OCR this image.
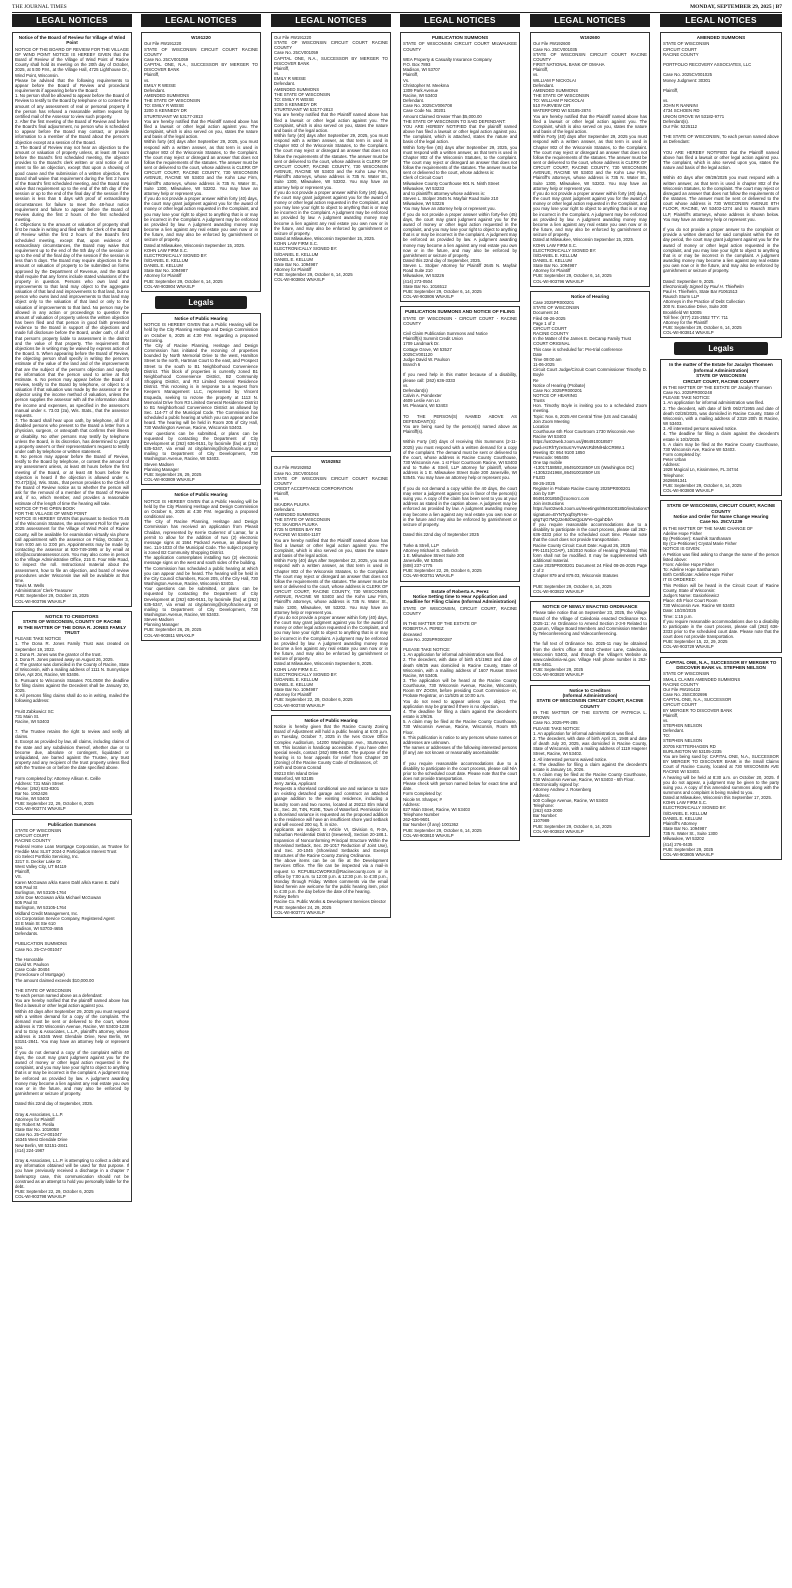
THE JOURNAL TIMES	MONDAY, SEPTEMBER 29, 2025 | B7
LEGAL NOTICES	LEGAL NOTICES	LEGAL NOTICES	LEGAL NOTICES	LEGAL NOTICES	LEGAL NOTICES
Notice of the Board of Review for Village of Wind Point
NOTICE OF THE BOARD OF REVIEW FOR THE VILLAGE OF WIND POINT NOTICE IS HEREBY GIVEN that the Board of Review of the Village of Wind Point of Racine County shall hold its meeting on the 20th day of October, 2025, at 5:00 P.M., at the Village Hall, 4725 Lighthouse Dr., Wind Point, Wisconsin.
Please be advised that the following requirements to appear before the Board of Review and procedural requirements if appearing before the Board:
1. No person shall be allowed to appear before the Board of Review to testify to the Board by telephone or to contest the amount of any assessment of real or personal property if the person has refused a reasonable written request by certified mail of the Assessor to view such property.
2. After the first meeting of the Board of Review and before the Board's final adjournment, no person who is scheduled to appear before the Board may contact, or provide information to a member of the Board about the person's objection except at a session of the Board.
3. The Board of Review may not hear an objection to the amount or valuation of property unless, at least 48 hours before the Board's first scheduled meeting, the objector provides to the Board's clerk written or oral notice of an intent to file an objection, except that upon a showing of good cause and the submission of a written objection, the Board shall waive that requirement during the first 2 hours of the Board's first scheduled meeting, and the Board may waive that requirement up to the end of the 5th day of the session or up to the end of the final day of the session if the session is less than 5 days with proof of extraordinary circumstances for failure to meet the 48-hour notice requirement and failure to appear before the Board of Review during the first 2 hours of the first scheduled meeting.
4. Objections to the amount or valuation of property shall first be made in writing and filed with the Clerk of the Board of Review within the first 2 hours of the Board's first scheduled meeting, except that, upon evidence of extraordinary circumstances, the Board may waive that requirement up to the end of the 5th day of the session or up to the end of the final day of the session if the session is less than 5 days. The Board may require objections to the amount or valuation of property to be submitted on forms approved by the Department of Revenue, and the Board shall require that any forms include stated valuations of the property in question. Persons who own land and improvements to that land may object to the aggregate valuation of that land and improvements to that land, but no person who owns land and improvements to that land may object only to the valuation of that land or only to the valuation of improvements to that land. No person may be allowed in any action or proceedings to question the amount of valuation of property unless the written objection has been filed and that person in good faith presented evidence to the Board in support of the objections and made full disclosure before the Board, under oath, of all of that person's property liable to assessment in the district and the value of that property. The requirement that objections be in writing may be waived by express action of the Board. 5. When appearing before the Board of Review, the objecting person shall specify in writing the person's estimate of the value of the land and of the improvements that are the subject of the person's objection and specify the information that the person used to arrive at that estimate. 6. No person may appear before the Board of Review, testify to the Board by telephone, or object to a valuation if that valuation was made by the assessor or the objector using the income method of valuation, unless the person supplies the assessor with all the information about the income and expenses, as specified in the assessor's manual under s. 73.03 (2a), Wis. Stats., that the assessor requests.
7. The Board shall hear upon oath, by telephone, all ill or disabled persons who present to the Board a letter from a physician, surgeon, or osteopath that confirms their illness or disability. No other persons may testify by telephone unless the Board, in its discretion, has determined to grant a property owner's or their representative's request to testify under oath by telephone or written statement.
8. No person may appear before the Board of Review, testify to the Board by telephone, or contest the amount of any assessment unless, at least 48 hours before the first meeting of the Board, or at least 48 hours before the objection is heard if the objection is allowed under s. 70.47(3)(a), Wis. Stats., that person provides to the Clerk of the Board of Review notice as to whether the person will ask for the removal of a member of the Board of Review and, if so, which member, and provides a reasonable estimate of the length of time the hearing will take.
NOTICE OF THE OPEN BOOK
FOR THE VILLAGE OF WIND POINT
NOTICE IS HEREBY GIVEN that pursuant to Section 70.45 of the Wisconsin Statutes, the assessment Roll for the year 2025 assessment for the Village of Wind Point of Racine County, will be available for examination virtually via phone call appointment with the assessor on Friday, October 3, from 9:00 am to 3:00 pm. Appointments may be made by contacting the assessor at 920-749-1995 or by email at info@accurateassessor.com. You may also come in person to the Village Administrative Office, 215 E. Four Mile Road, to inspect the roll. Instructional material about the assessment, how to file an objection, and board of review procedures under Wisconsin law will be available at that time.
Travis M. Wells
Administrator/ Clerk-Treasurer
PUB: September 29, October 15, 2025
COL-WI-903796 WNAXLP
NOTICE TO CREDITORS
STATE OF WISCONSIN, COUNTY OF RACINE
IN THE MATTER OF THE DONA R. JONES FAMILY TRUST
PLEASE TAKE NOTICE
1. The Dona R. Jones Family Trust was created on September 19, 2022.
2. Dona R. Jones was the grantor of the trust.
3. Dona R. Jones passed away on August 26, 2025.
4. The grantor was domiciled in the County of Racine, State of Wisconsin, with a mailing address of 1111 N. Sunnyslope Drive, Apt 204, Racine, WI 53406.
5. Pursuant to Wisconsin Statutes 701.0508 the deadline for filing claims against the Decedent shall be January 30, 2025.
6. All persons filing claims shall do so in writing, mailed the following address:

Pruitt Zabkowicz SC
731 Main St.
Racine, WI 53403

7. The Trustee retains the right to review and verify all claims.
8. Except as provided by law, all claims, including claims of the state and any subdivision thereof, whether due or to become due, absolute or contingent, liquidated or unliquidated, are barred against the Trustee, any trust property and any recipient of the trust property unless filed with the Trustee on or before the date specified above.

Form completed by: Attorney Allison K. Ceille
Address: 731 Main Street
Phone: (262) 633-8301
Bar No. 1062426
Racine, WI 53403
PUB: September 22, 29, October 6, 2025
COL-WI-903774 WNAXLP
Publication Summons
STATE OF WISCONSIN
CIRCUIT COURT
RACINE COUNTY
Federal Home Loan Mortgage Corporation, as Trustee for Freddie Mac SLST 2024-2 Participation Interest Trust
c/o Select Portfolio Servicing, Inc.
3217 S. Decker Lake Dr.
West Valley City, UT 84119
Plaintiff,
VS.
Karen McGowan a/k/a Karen Dahl a/k/a Karen E. Dahl
505 Paul St
Burlington, WI 53105-1764
John Doe McGowan a/k/a Michael McGowan
505 Paul St
Burlington, WI 53105-1764
Midland Credit Management, Inc.
c/o Corporation Service Company, Registered Agent
33 E Main St Ste 610
Madison, WI 53703-4655
Defendants.

PUBLICATION SUMMONS
Case No. 25-CV-001047

The Honorable
David W. Paulson
Case Code 30404
(Foreclosure of Mortgage)
The amount claimed exceeds $10,000.00

THE STATE OF WISCONSIN
To each person named above as a defendant:
You are hereby notified that the plaintiff named above has filed a lawsuit or other legal action against you.
Within 40 days after September 29, 2025 you must respond with a written demand for a copy of the complaint. The demand must be sent or delivered to the court, whose address is 730 Wisconsin Avenue, Racine, WI 53403-1238 and to Gray & Associates, L.L.P., plaintiff's attorney, whose address is 16345 West Glendale Drive, New Berlin, WI 53151-2841. You may have an attorney help or represent you.
If you do not demand a copy of the complaint within 40 days, the court may grant judgment against you for the award of money or other legal action requested in the complaint, and you may lose your right to object to anything that is or may be incorrect in the complaint. A judgment may be enforced as provided by law. A judgment awarding money may become a lien against any real estate you own now or in the future, and may also be enforced by garnishment or seizure of property.

Dated this 22nd day of September, 2025.

Gray & Associates, L.L.P.
Attorneys for Plaintiff
By: Robert M. Pietila
State Bar No. 1018058
Case No. 25-CV-001047
16345 West Glendale Drive
New Berlin, WI 53151-2841
(414) 224-1987

Gray & Associates, L.L.P. is attempting to collect a debt and any information obtained will be used for that purpose. If you have previously received a discharge in a chapter 7 bankruptcy case, this communication should not be construed as an attempt to hold you personally liable for the debt.
PUB: September 22, 29, October 6, 2025
COL-WI-903798 WNAXLP
W191220
Our File #W191220
STATE OF WISCONSIN CIRCUIT COURT RACINE COUNTY
Case No. 25CV001059
CAPITAL ONE, N.A., SUCCESSOR BY MERGER TO DISCOVER BANK
Plaintiff,
vs.
EMILY R WEISE
Defendant.
AMENDED SUMMONS
THE STATE OF WISCONSIN
TO: EMILY R WEISE
3200 S KENNEDY DR
STURTEVANT WI 53177-2813
You are hereby notified that the Plaintiff named above has filed a lawsuit or other legal action against you. The Complaint, which is also served on you, states the nature and basis of the legal action.
Within forty (40) days after September 29, 2025, you must respond with a written answer, as that term is used in Chapter 802 of the Wisconsin Statutes, to the Complaint. The court may reject or disregard an answer that does not follow the requirements of the statutes. The answer must be sent or delivered to the court, whose address is CLERK OF CIRCUIT COURT, RACINE COUNTY, 730 WISCONSIN AVENUE, RACINE WI 53403 and the Kohn Law Firm, Plaintiff's attorneys, whose address is 735 N. Water St., Suite 1300, Milwaukee, WI 53202. You may have an attorney help or represent you.
If you do not provide a proper answer within forty (40) days, the court may grant judgment against you for the award of money or other legal action requested in the Complaint, and you may lose your right to object to anything that is or may be incorrect in the Complaint. A judgment may be enforced as provided by law. A judgment awarding money may become a lien against any real estate you own now or in the future, and may also be enforced by garnishment or seizure of property.
Dated at Milwaukee, Wisconsin September 15, 2025.
KOHN LAW FIRM S.C.
ELECTRONICALLY SIGNED BY:
/S/DANIEL E. KELLUM
DANIEL E. KELLUM
State Bar No. 1094987
Attorney for Plaintiff
PUB: September 29, October 6, 14, 2025
COL-WI-903804 WNAXLP
Legals
Notice of Public Hearing
NOTICE IS HEREBY GIVEN that a Public Hearing will be held by the City Planning Heritage and Design Commission on October 6, 2025 at 4:30 P.M. regarding a proposed Rezoning.
The City of Racine Planning, Heritage and Design Commission has initiated the rezoning of properties bounded by North Memorial Drive to the west, Hamilton Street to the north, Hartman Court to the east, and Prospect Street to the south to B1 Neighborhood Convenience District. This block of properties is currently zoned B1 Neighborhood Convenience District, B2 Community Shopping District, and R3 Limited General Residence District. This rezoning is in response to a request from Keepers Management LLC, represented by Vincent Esqueda, seeking to rezone the property at 1113 N. Memorial Drive from R3 Limited General Residence District to B1 Neighborhood Convenience District as allowed by Sec. 114-77 of the Municipal Code. The Commission has scheduled a public hearing at which you can appear and be heard. The hearing will be held in Room 205 of City Hall, 730 Washington Avenue, Racine, Wisconsin 53403.
Your questions can be submitted, or plans can be requested by contacting the Department of City Development at (262) 636-9151, by facsimile (fax) at (262) 635-5347, via email at cityplanning@cityofracine.org or mailing to Department of City Development, 730 Washington Avenue, Racine, WI 53403.
Steven Madsen
Planning Manager
PUB: September 26, 29, 2025
COL-WI-903809 WNAXLP
Notice of Public Hearing
NOTICE IS HEREBY GIVEN that a Public Hearing will be held by the City Planning Heritage and Design Commission on October 6, 2025 at 4:30 P.M. regarding a proposed conditional use.
The City of Racine Planning, Heritage and Design Commission has received an application from Pleasit Chaidan, represented by Kerrie Gutierrez of Lamar, for a permit to allow for the addition of two (2) electronic message signs at 1564 Packard Avenue, as allowed by Sec. 114-1033 of the Municipal Code. The subject property is zoned B2 Community Shopping District.
The application contemplates installing two (2) electronic message signs on the west and south sides of the building.
The Commission has scheduled a public hearing at which you can appear and be heard. The hearing will be held in the City Council Chambers, Room 205, of the City Hall, 730 Washington Avenue, Racine, Wisconsin 53403.
Your questions can be submitted, or plans can be requested by contacting the Department of City Development at (262) 636-9151, by facsimile (fax) at (262) 635-5347, via email at cityplanning@cityofracine.org or mailing to Department of City Development, 730 Washington Avenue, Racine, WI 53403.
Steven Madsen
Planning Manager
PUB: September 26, 29, 2025
COL-WI-903811 WNAXLP
Our File #W191220
STATE OF WISCONSIN CIRCUIT COURT RACINE COUNTY
Case No. 25CV001059
CAPITAL ONE, N.A., SUCCESSOR BY MERGER TO DISCOVER BANK
Plaintiff,
vs.
EMILY R WEISE
Defendant.
AMENDED SUMMONS
THE STATE OF WISCONSIN
TO: EMILY R WEISE
3200 S KENNEDY DR
STURTEVANT WI 53177-2813
You are hereby notified that the Plaintiff named above has filed a lawsuit or other legal action against you. The Complaint, which is also served on you, states the nature and basis of the legal action.
Within forty (40) days after September 29, 2025, you must respond with a written answer, as that term is used in Chapter 802 of the Wisconsin Statutes, to the Complaint. The court may reject or disregard an answer that does not follow the requirements of the statutes. The answer must be sent or delivered to the court, whose address is CLERK OF CIRCUIT COURT, RACINE COUNTY, 730 WISCONSIN AVENUE, RACINE WI 53403 and the Kohn Law Firm, Plaintiff's attorneys, whose address is 735 N. Water St., Suite 1300, Milwaukee, WI 53202. You may have an attorney help or represent you.
If you do not provide a proper answer within forty (40) days, the court may grant judgment against you for the award of money or other legal action requested in the Complaint, and you may lose your right to object to anything that is or may be incorrect in the Complaint. A judgment may be enforced as provided by law. A judgment awarding money may become a lien against any real estate you own now or in the future, and may also be enforced by garnishment or seizure of property.
Dated at Milwaukee, Wisconsin September 15, 2025.
KOHN LAW FIRM S.C.
ELECTRONICALLY SIGNED BY:
/S/DANIEL E. KELLUM
DANIEL E. KELLUM
State Bar No. 1094987
Attorney for Plaintiff
PUB: September 29, October 6, 14, 2025
COL-WI-903804 WNAXLP
W192852
Our File #W192852
Case No. 25CV001044
STATE OF WISCONSIN CIRCUIT COURT RACINE COUNTY
CREDIT ACCEPTANCE CORPORATION
Plaintiff,
vs.
SKAIDRA PLIURA
Defendant.
AMENDED SUMMONS
THE STATE OF WISCONSIN
TO: SKAIDRA PLIURA
4725 N GREEN BAY RD
RACINE WI 53404-1107
You are hereby notified that the Plaintiff named above has filed a lawsuit or other legal action against you. The Complaint, which is also served on you, states the nature and basis of the legal action.
Within Forty (40) days after September 22, 2025, you must respond with a written answer, as that term is used in Chapter 802 of the Wisconsin Statutes, to the Complaint. The court may reject or disregard an answer that does not follow the requirements of the statutes. The answer must be sent or delivered to the court, whose address is CLERK OF CIRCUIT COURT, RACINE COUNTY, 730 WISCONSIN AVENUE, RACINE WI 53403 and the Kohn Law Firm, Plaintiff's attorneys, whose address is 735 N. Water St., Suite 1300, Milwaukee, WI 53202. You may have an attorney help or represent you.
If you do not provide a proper answer within forty (40) days, the court may grant judgment against you for the award of money or other legal action requested in the Complaint, and you may lose your right to object to anything that is or may be incorrect in the Complaint. A judgment may be enforced as provided by law. A judgment awarding money may become a lien against any real estate you own now or in the future, and may also be enforced by garnishment or seizure of property.
Dated at Milwaukee, Wisconsin September 5, 2025.
KOHN LAW FIRM S.C.
ELECTRONICALLY SIGNED BY:
/S/DANIEL E. KELLUM
DANIEL E. KELLUM
State Bar No. 1094987
Attorney for Plaintiff
PUB: September 22, 29, October 6, 2025
COL-WI-903740 WNAXLP
Notice of Public Hearing
Notice is hereby given that the Racine County Zoning Board of Adjustment will hold a public hearing at 6:00 p.m. on Tuesday, October 7, 2025 in the Ives Grove Office Complex Auditorium, 14200 Washington Ave., Sturtevant, WI. This location is handicap accessible. If you have other special needs, contact (262) 886-8440. The purpose of the hearing is to hear appeals for relief from Chapter 20 (Zoning) of the Racine County Code of Ordinances, of:
Keith and Donna Conrad
29213 Elm Island Drive
Waterford, WI 53185
Jerry Janka, Applicant
Requests a shoreland conditional use and variance to raze an existing detached garage and construct an attached garage addition to the existing residence, including a laundry room and two rooms, located at 29213 Elm Island Dr., Sec. 28, T4N, R19E, Town of Waterford. Permission for a shoreland variance is requested as the proposed addition to the residence will have an insufficient shore yard setback and will exceed 200 sq. ft. in size.
Applicants are subject to Article VI, Division 6, R-3A, Suburban Residential District (Sewered), Section 20-188.1. Expansion of Nonconforming Principal Structure Within the Shoreland Setback, Sec. 20-1017 Reduction of Joint Use), and Sec. 20-1045 (Shoreland Setbacks and Exempt Structures of the Racine County Zoning Ordinance.
The above items can be on file at the Development Services Office. The file can be inspected via a mail-in request to RCPUBLICWORKS@Racinecounty.com or in Office by 7:00 a.m. to 12:00 p.m. & 12:30 p.m. to 4:30 p.m., Monday through Friday. Written comments via the email listed herein are welcome for the public hearing item, prior to 4:30 p.m. the day before the date of the hearing.
Robey Behm
Racine Co. Public Works & Development Services Director
PUB: September 24, 29, 2025
COL-WI-903771 WNAXLP
PUBLICATION SUMMONS
STATE OF WISCONSIN CIRCUIT COURT MILWAUKEE COUNTY

WEA Property & Casualty Insurance Company
P.O. Box 7893
Madison, WI 53707
Plaintiff,
Vs.
Christopher M. Meekma
1309 Park Avenue
Racine, WI 53403
Defendant.
Case No. 2025CV006708
Case Code No. 30201
Amount Claimed Greater Than $5,000.00
THE STATE OF WISCONSIN TO SAID DEFENDANT:
YOU ARE HEREBY NOTIFIED that the plaintiff named above has filed a lawsuit or other legal action against you. The complaint, which is attached, states the nature and basis of the legal action.
Within forty-five (45) days after September 29, 2025, you must respond with a written answer, as that term is used in Chapter 802 of the Wisconsin Statutes, to the complaint. The court may reject or disregard an answer that does not follow the requirements of the statutes. The answer must be sent or delivered to the court, whose address is:
Clerk of Circuit Court
Milwaukee County Courthouse 901 N. Ninth Street
Milwaukee, WI 53233
and to plaintiff's attorney whose address is:
Steven L. Stolper 2645 N. Mayfair Road Suite 210
Milwaukee, WI 53226
You may have an attorney help or represent you.
If you do not provide a proper answer within forty-five (45) days, the court may grant judgment against you for the award of money or other legal action requested in the complaint, and you may lose your right to object to anything that is or may be incorrect in the complaint. A judgment may be enforced as provided by law. A judgment awarding money may become a lien against any real estate you own now or in the future, and may also be enforced by garnishment or seizure of property.
Dated this 22nd day of September, 2025.
Steven L. Stolper Attorney for Plaintiff 2645 N. Mayfair Road Suite 210
Milwaukee, WI 53226
(414) 273-0504
State Bar No. 1016512
PUB: September 29, October 6, 14, 2025
COL-WI-903806 WNAXLP
PUBLICATION SUMMONS AND NOTICE OF FILING
STATE OF WISCONSIN - CIRCUIT COURT - RACINE COUNTY

Civil Claim Publication Summons and Notice
Plaintiff(s) Summit Credit Union
1709 Landmark Dr.
Cottage Grove, WI 53527
2025CV001120
Judge David W. Paulson
Branch 6

If you need help in this matter because of a disability, please call: (262) 636-3333
vs.
Defendant(s)
Calvin A. Poindexter
4609 Leslie Ann Ln
Mt. Pleasant, WI 53403

TO THE PERSON(S) NAMED ABOVE AS DEFENDANT(S):
You are being sued by the person(s) named above as Plaintiff(s).

Within Forty (40) days of receiving this Summons (2-11-2025) you must respond with a written demand for a copy of the complaint. The demand must be sent or delivered to the court, whose address is Racine County Courthouse, 730 Wisconsin Ave. 1 st Floor Courtroom Racine, WI 53403 and to Turke & Strell, LLP attorney for plaintiff, whose address is 1 E. Milwaukee Street Suite 200 Janesville, WI 53545. You may have an attorney help or represent you.

If you do not demand a copy within the 40 days, the court may enter a judgment against you in favor of the person(s) suing you. A copy of the claim has been sent to you at your address as stated in the caption above. A judgment may be enforced as provided by law. A judgment awarding money may become a lien against any real estate you own now or in the future and may also be enforced by garnishment or seizure of property.

Dated this 22nd day of September 2025

Turke & Strell, LLP
Attorney Michael S. Gellerich
1 E. Milwaukee Street Suite 200
Janesville, WI 53545
(608) 237-1775
PUB: September 22, 29, October 6, 2025
COL-WI-903751 WNAXLP
Estate of Roberta A. Perez
Notice Setting time to Hear Application and Deadline for Filing Claims (Informal Administration)
STATE OF WISCONSIN, CIRCUIT COURT, RACINE COUNTY

IN THE MATTER OF THE ESTATE OF
ROBERTA A. PEREZ
deceased
Case No. 2025PR000287

PLEASE TAKE NOTICE:
1. An application for informal administration was filed.
2. The decedent, with date of birth 4/1/1963 and date of death 6/8/25 was domiciled in Racine County, State of Wisconsin, with a mailing address of 1607 Russet Street Racine, WI 53405.
3. The application will be heard at the Racine County Courthouse, 730 Wisconsin Avenue, Racine, Wisconsin, Room BY ZOOM, before presiding Court Commission- er, Probate Registrar, on 11/5/25 at 10:00 a.m.
You do not need to appear unless you object. The application may be granted if there is no objection.
4. The deadline for filing a claim against the decedent's estate is 2/9/26.
5. A claim may be filed at the Racine County Courthouse, 730 Wisconsin Avenue, Racine, Wisconsin, Room 6th Floor.
6. This publication is notice to any persons whose names or addresses are unknown.
The names or addresses of the following interested persons (if any) are not known or reasonably ascertainable:

If you require reasonable accommodations due to a disability to participate in the court process, please call N/A prior to the scheduled court date. Please note that the court does not provide transportation.
Please check with person named below for exact time and date.
Form Completed by:
Nicole M. Sharper, #
Address:
827 Main Street, Racine, WI 53403
Telephone Number
262-636-9601
Bar Number (if any) 1001362
PUB: September 29, October 6, 14, 2025
COL-WI-903810 WNAXLP
W192600
Our File #W192600
Case No. 25CV001035
STATE OF WISCONSIN CIRCUIT COURT RACINE COUNTY
FIRST NATIONAL BANK OF OMAHA
Plaintiff,
vs.
WILLIAM P NICKOLAI
Defendant.
AMENDED SUMMONS
THE STATE OF WISCONSIN
TO: WILLIAM P NICKOLAI
510 FAIRVIEW CIR
WATERFORD WI 53185-2874
You are hereby notified that the Plaintiff named above has filed a lawsuit or other legal action against you. The Complaint, which is also served on you, states the nature and basis of the legal action.
Within Forty (40) days after September 29, 2025 you must respond with a written answer, as that term is used in Chapter 802 of the Wisconsin Statutes, to the Complaint. The court may reject or disregard an answer that does not follow the requirements of the statutes. The answer must be sent or delivered to the court, whose address is CLERK OF CIRCUIT COURT, RACINE COUNTY, 730 WISCONSIN AVENUE, RACINE WI 53403 and the Kohn Law Firm, Plaintiff's attorneys, whose address is 735 N. Water St., Suite 1300, Milwaukee, WI 53202. You may have an attorney help or represent you.
If you do not provide a proper answer within forty (40) days, the court may grant judgment against you for the award of money or other legal action requested in the Complaint, and you may lose your right to object to anything that is or may be incorrect in the Complaint. A judgment may be enforced as provided by law. A judgment awarding money may become a lien against any real estate you own now or in the future, and may also be enforced by garnishment or seizure of property.
Dated at Milwaukee, Wisconsin September 15, 2025.
KOHN LAW FIRM S.C.
ELECTRONICALLY SIGNED BY:
/S/DANIEL E. KELLUM
DANIEL E. KELLUM
State Bar No. 1094987
Attorney for Plaintiff
PUB: September 29, October 6, 14, 2025
COL-WI-903796 WNAXLP
Notice of Hearing
Case 2025PR000201
STATE OF WISCONSIN
Document 24
Filed 08-26-2025
Page 1 of 2
CIRCUIT COURT
RACINE COUNTY
In the Matter of the James E. DeCamp Family Trust
COURT ORIGINAL
This case is scheduled for: Pre-trial conference
Date
Time 09:00 am
11-06-2025
Circuit Court Judge/Circuit Court Commissioner Timothy D. Boyle
Re
Notice of Hearing (Probate)
Case No: 2025PR000201
NOTICE OF HEARING
Trusts
Hon. Timothy Boyle is inviting you to a scheduled Zoom meeting.
Topic: Nov. 6, 2025 AM Central Time (US and Canada)
Join Zoom Meeting
Location
Courthouse 6th Floor Courtroom 1730 Wisconsin Ave
Racine WI 53403
https://us02web.zoom.us/j/86491001850?pwd=HzRhTyzeSuIcYvYwWcRd9NlHdcCR9W.1
Meeting ID: 864 9100 1850
Passcode: 965406
One tap mobile
+13017158592,,86491001850# US (Washington DC)
+13052241968,,86491001850# US
FILED
08-26-2025
Register in Probate Racine County 2025PR000201
Join by SIP
86491001850@zoomcrc.com
Join instructions
https://us02web.zoom.us/meetings/86491001850/invitations?signature=BYNTyxqfSyRrHv-q6gTqG7MQJ2e8dOwQpLWYe-GgahDbA
If you require reasonable accommodations due to a disability to participate in the court process, please call 262-636-3333 prior to the scheduled court time. Please note that the court does not provide transportation.
Racine County Circuit Court Date: August 26, 2025
PR-1101(COAP), 10/2010 Notice of Hearing (Probate) This form shall not be modified. It may be supplemented with additional material.
Case 2025PR000201 Document 24 Filed 08-26-2025 Page 2 of 2
Chapter 879 and 879.03, Wisconsin Statutes

PUB: September 29, October 6, 14, 2025
COL-WI-903822 WNAXLP
NOTICE OF NEWLY ENACTED ORDINANCE
Please take notice that on September 23, 2025, the Village Board of the Village of Caledonia enacted Ordinance No. 2025-11: An Ordinance to Amend Section 2-3-9 Related to Quorum, Village Board Members and Commission Member by Teleconferencing and Videoconferencing.

The full text of Ordinance No. 2025-11 may be obtained from the clerk's office at 5043 Chester Lane, Caledonia, Wisconsin 53402, and through the Village's Website at www.caledonia-wi.gov. Village Hall phone number is 262-835-4451.
PUB: September 29, 2025
COL-WI-903820 WNAXLP
Notice to Creditors
(Informal Administration)
STATE OF WISCONSIN CIRCUIT COURT, RACINE COUNTY
IN THE MATTER OF THE ESTATE OF PATRICIA L. BROWN
Case No. 2025-PR-285
PLEASE TAKE NOTICE:
1. An application for informal administration was filed.
2. The decedent, with date of birth April 21, 1948 and date of death July 20, 2025, was domiciled in Racine County, State of Wisconsin, with a mailing address of 1119 Hagerer Street, Racine, WI 53402.
3. All interested persons waived notice.
4. The deadline for filing a claim against the decedent's estate is January 16, 2026.
5. A claim may be filed at the Racine County Courthouse, 730 Wisconsin Avenue, Racine, WI 53403 - 6th Floor.
Electronically signed by:
Attorney Andrew J. Rosenberg
Address:
500 College Avenue, Racine, WI 53403
Telephone:
(262) 633-2000
Bar Number:
1107989
PUB: September 29, October 6, 14, 2025
COL-WI-903824 WNAXLP
AMENDED SUMMONS
STATE OF WISCONSIN
CIRCUIT COURT
RACINE COUNTY

PORTFOLIO RECOVERY ASSOCIATES, LLC

Case No. 2025CV001025
Money Judgment: 30301

Plaintiff,

vs.
JOHN R NANNINI
4734 SCHOEN RD
UNION GROVE WI 53182-9771
Defendant(s).
Our File: 5225112

THE STATE OF WISCONSIN, To each person named above as Defendant:

YOU ARE HEREBY NOTIFIED that the Plaintiff named above has filed a lawsuit or other legal action against you. The complaint, which is also served upon you, states the nature and basis of the legal action.

Within 40 days after 09/29/2025 you must respond with a written answer, as that term is used in chapter 802 of the Wisconsin Statutes, to the complaint. The court may reject or disregard an answer that does not follow the requirements of the statutes. The answer must be sent or delivered to the court whose address is 730 WISCONSIN AVENUE 8TH FLOOR, RACINE, WI 53403-1274 and to Rausch Sturm LLP, Plaintiff's attorneys, whose address is shown below. You may have an attorney help or represent you.

If you do not provide a proper answer to the complaint or provide a written demand for said complaint within the 40 day period, the court may grant judgment against you for the award of money or other legal action requested in the complaint, and you may lose your right to object to anything that is or may be incorrect in the complaint. A judgment awarding money may become a lien against any real estate you own now or in the future, and may also be enforced by garnishment or seizure of property.

Dated: September 9, 2025.
Electronically Signed by Paul H. Thielhelm
Paul H. Thielhelm, State Bar #1061513
Rausch Sturm LLP
Attorneys in the Practice of Debt Collection
300 N. Executive Drive, Suite 200
Brookfield WI 53005
Toll free: (877) 215-2552 TTY: 711
Attorney for the Plaintiff
PUB: September 29, October 6, 14, 2025
COL-WI-903814 WNAXLP
Legals
In the matter of the Estate for Jacalyn Thomsen
(Informal Administration)
STATE OF WISCONSIN
CIRCUIT COURT, RACINE COUNTY
IN THE MATTER OF THE ESTATE OF Jacalyn Thomsen
Case No. 2025PR000248
PLEASE TAKE NOTICE:
1. An application for informal administration was filed.
2. The decedent, with date of birth 06/27/1955 and date of death 02/26/2025, was domiciled in Racine County, State of Wisconsin, with a mailing address of 2319 20th St Racine, WI 53403.
3. All interested persons waived notice.
4. The deadline for filing a claim against the decedent's estate is 10/3/2025.
5. A claim may be filed at the Racine County Courthouse, 730 Wisconsin Ave, Racine WI 53403.
Form completed by:
Peter Urban
Address:
1928 Magical Ln, Kissimmee, FL 34744
Telephone:
2628691341
PUB: September 29, October 6, 14, 2025
COL-WI-903808 WNAXLP
STATE OF WISCONSIN, CIRCUIT COURT, RACINE COUNTY
Notice and Order for Name Change Hearing
Case No. 25CV1239
IN THE MATTER OF THE NAME CHANGE OF
Adeline Hope Fisher
By (Petitioner): Kaushik Santhanam
By (Co-Petitioner) Crystal Marie Fisher
NOTICE IS GIVEN:
A Petition was filed asking to change the name of the person listed above:
From: Adeline Hope Fisher
To: Adeline Hope Santhanam
Birth Certificate: Adeline Hope Fisher
IT IS ORDERED:
This Petition will be heard in the Circuit Court of Racine County, State of Wisconsin:
Judge's Name: Gasiorkiewicz
Place: 4th Floor Court Room
730 Wisconsin Ave. Racine WI 53403
Date: 10/20/2025
Time: 1:15 p.m.
If you require reasonable accommodations due to a disability to participate in the court process, please call (262) 636-3333 prior to the scheduled court date. Please note that the court does not provide transportation.
PUB: September 15, 22, 29, 2025
COL-WI-903729 WNAXLP
CAPITAL ONE, N.A., SUCCESSOR BY MERGER TO DISCOVER BANK vs. STEPHEN NELSON
STATE OF WISCONSIN
SMALL CLAIMS AMENDED SUMMONS
RACINE COUNTY
Our File #W191422
Case No. 25SC002696
CAPITAL ONE, N.A., SUCCESSOR
CIRCUIT COURT
BY MERGER TO DISCOVER BANK
Plaintiff,
vs.
STEPHEN NELSON
Defendant.
TO:
STEPHEN NELSON
20705 KETTERHAGEN RD
BURLINGTON WI 53105-2235
You are being sued by: CAPITAL ONE, N.A., SUCCESSOR BY MERGER TO DISCOVER BANK in the Small Claims Court of Racine County, located at 730 WISCONSIN AVE RACINE WI 53403.
A hearing will be held at 8:30 a.m. on October 20, 2025. If you do not appear, a judgment may be given to the party suing you. A copy of this amended summons along with the summons and complaint is being mailed to you.
Dated at Milwaukee, Wisconsin this September 17, 2025.
KOHN LAW FIRM S.C.
ELECTRONICALLY SIGNED BY:
/S/DANIEL E. KELLUM
DANIEL E. KELLUM
Plaintiff's Attorney
State Bar No. 1094987
735 N. Water St., Suite 1300
Milwaukee, WI 53202
(414) 276-0435
PUB: September 29, 2025
COL-WI-903805 WNAXLP
